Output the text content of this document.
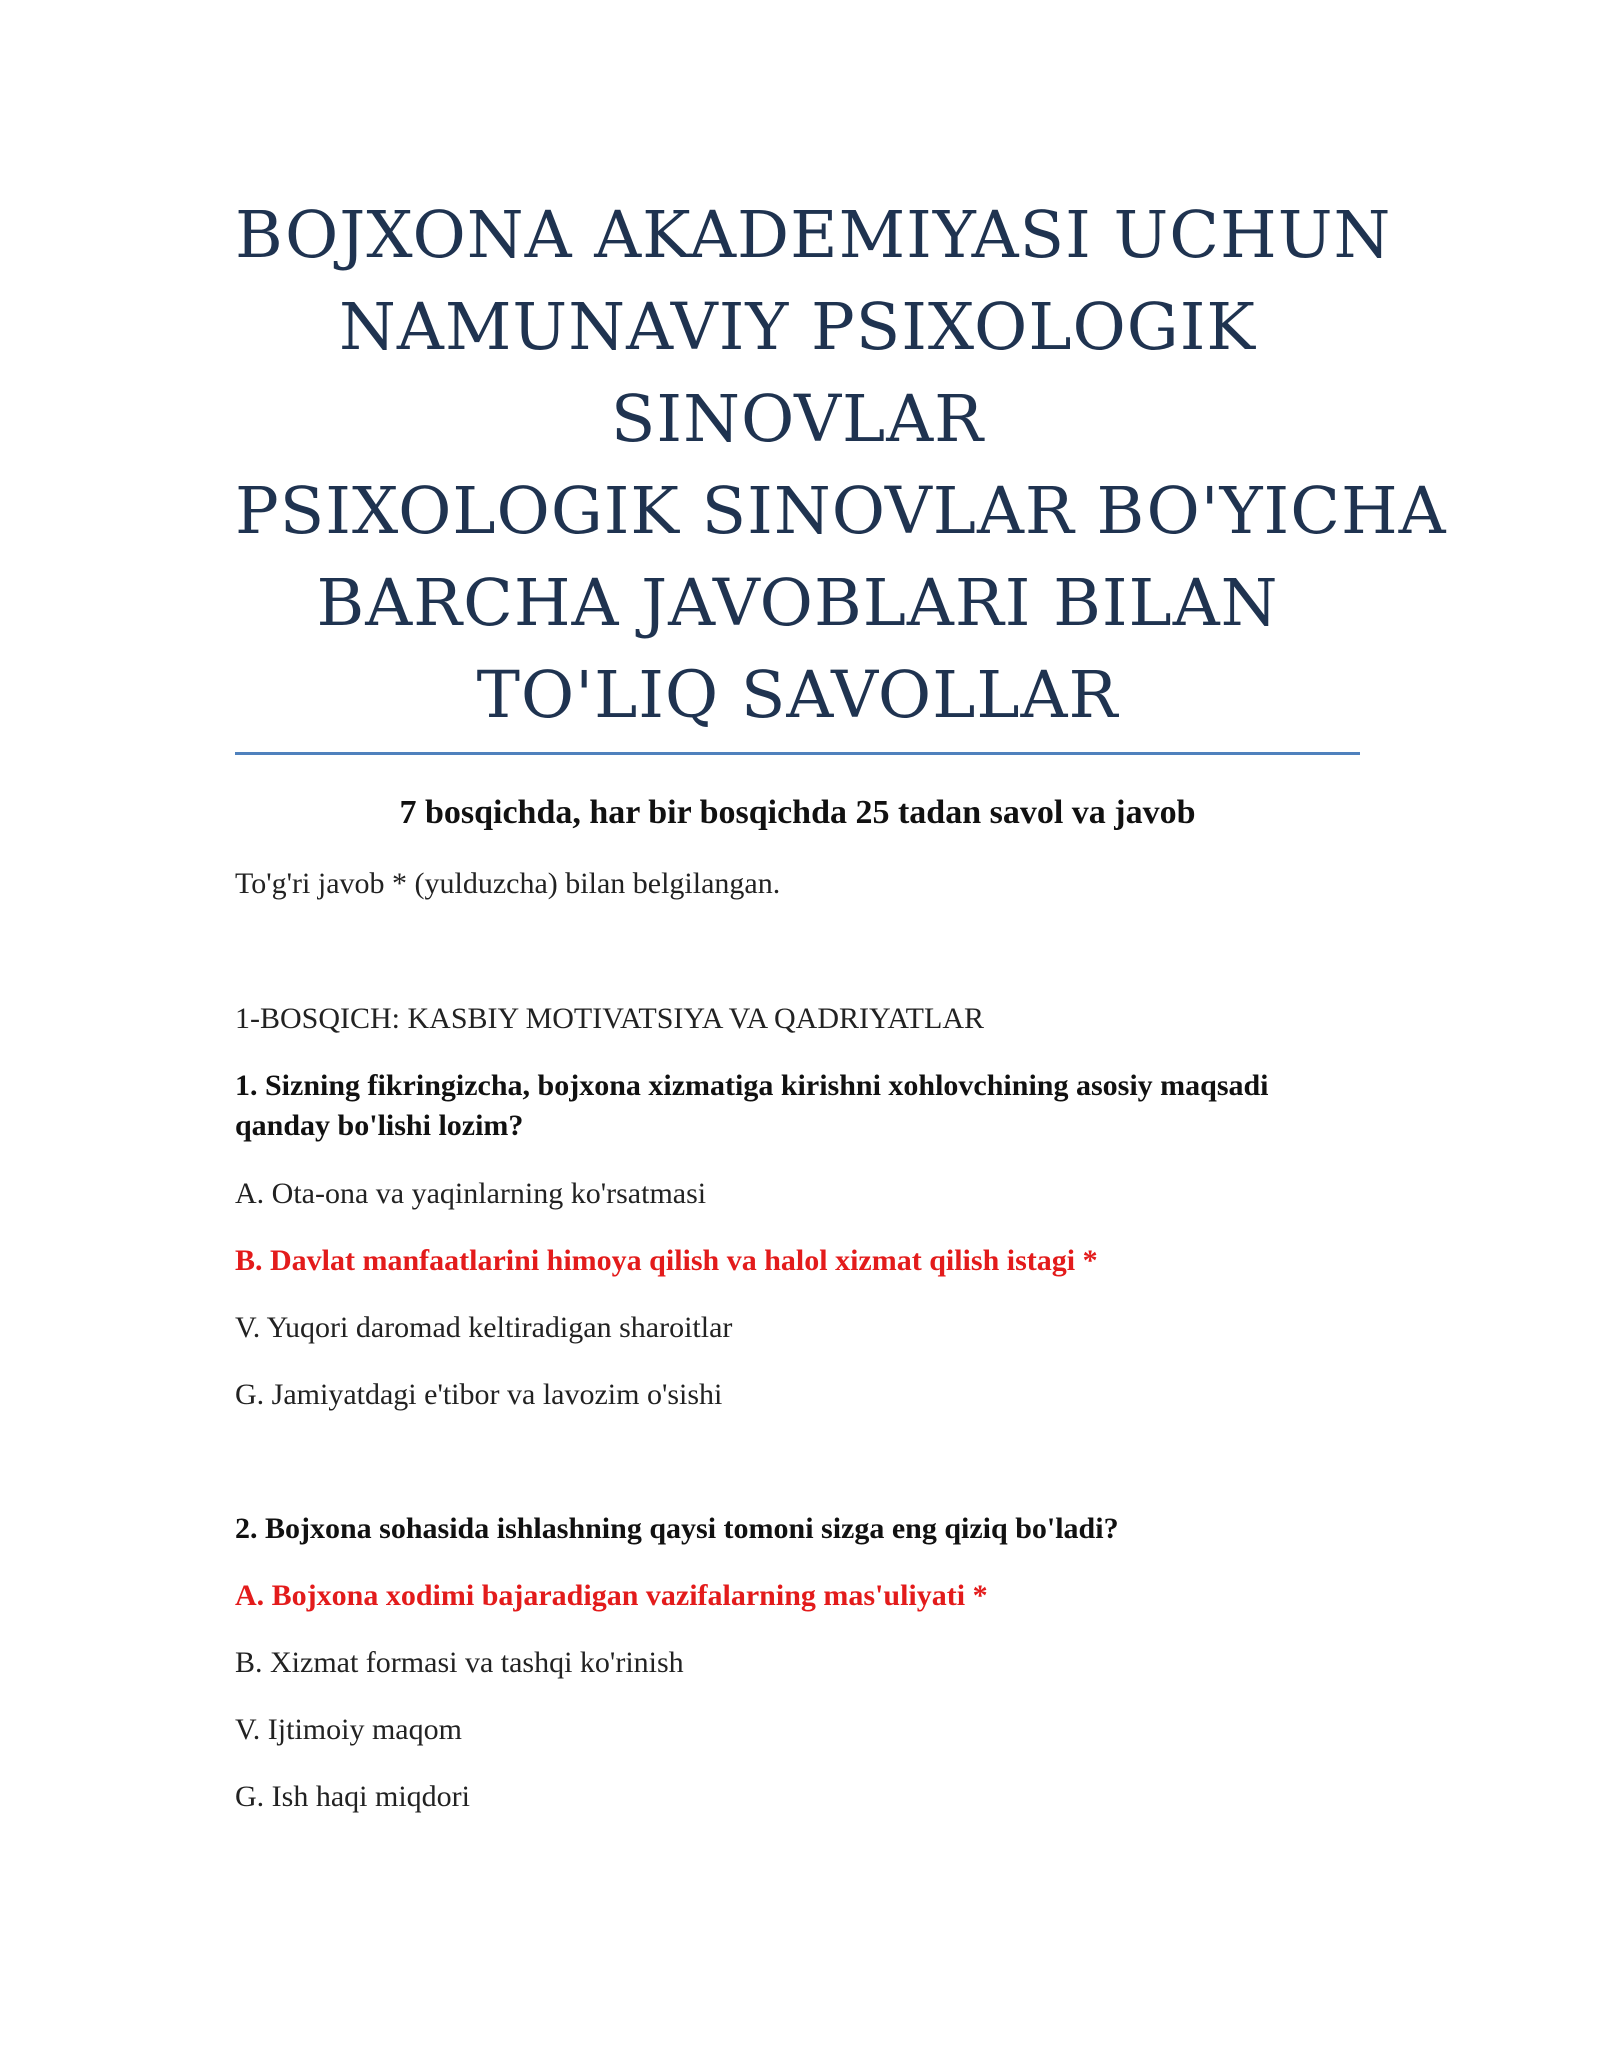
BOJXONA AKADEMIYASI UCHUN
NAMUNAVIY PSIXOLOGIK
SINOVLAR
PSIXOLOGIK SINOVLAR BO'YICHA
BARCHA JAVOBLARI BILAN
TO'LIQ SAVOLLAR
7 bosqichda, har bir bosqichda 25 tadan savol va javob
To'g'ri javob * (yulduzcha) bilan belgilangan.
1-BOSQICH: KASBIY MOTIVATSIYA VA QADRIYATLAR
1. Sizning fikringizcha, bojxona xizmatiga kirishni xohlovchining asosiy maqsadi
qanday bo'lishi lozim?
A. Ota-ona va yaqinlarning ko'rsatmasi
B. Davlat manfaatlarini himoya qilish va halol xizmat qilish istagi *
V. Yuqori daromad keltiradigan sharoitlar
G. Jamiyatdagi e'tibor va lavozim o'sishi
2. Bojxona sohasida ishlashning qaysi tomoni sizga eng qiziq bo'ladi?
A. Bojxona xodimi bajaradigan vazifalarning mas'uliyati *
B. Xizmat formasi va tashqi ko'rinish
V. Ijtimoiy maqom
G. Ish haqi miqdori
